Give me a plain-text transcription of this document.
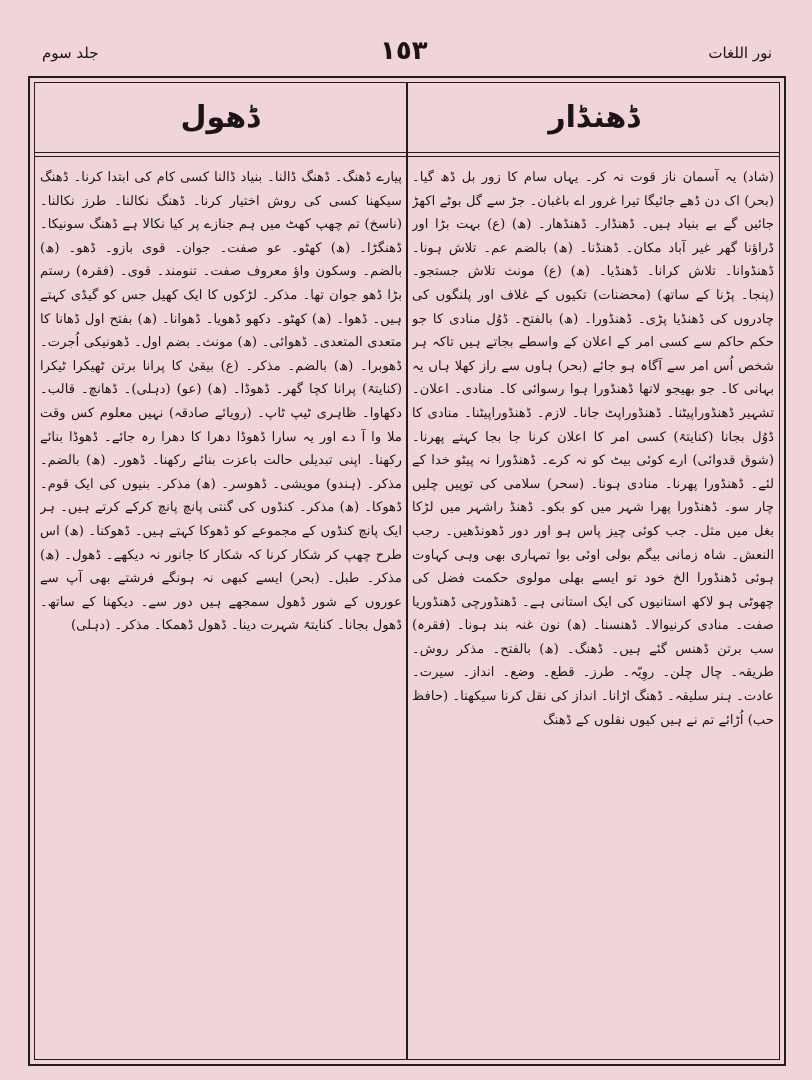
جلد سوم	١٥٣	نور اللغات
ڈھول	ڈھنڈار

پیارے ڈھنگ۔ ڈھنگ ڈالنا۔ بنیاد ڈالنا کسی کام کی ابتدا کرنا۔ ڈھنگ سیکھنا کسی کی روش اختیار کرنا۔ ڈھنگ نکالنا۔ طرز نکالنا۔ (ناسخ) تم چھپ کھٹ میں ہم جنازے پر کیا نکالا ہے ڈھنگ سونیکا۔ ڈھنگڑا۔ (ھ) کھٹو۔ عو صفت۔ جوان۔ قوی بازو۔ ڈھو۔ (ھ) بالضم۔ وسکون واؤ معروف صفت۔ تنومند۔ قوی۔ (فقرہ) رستم بڑا ڈھو جوان تھا۔ مذکر۔ لڑکوں کا ایک کھیل جس کو گیڈی کہتے ہیں۔ ڈھوا۔ (ھ) کھٹو۔ دکھو ڈھویا۔ ڈھوانا۔ (ھ) بفتح اول ڈھانا کا متعدی المتعدی۔ ڈھوائی۔ (ھ) مونث۔ بضم اول۔ ڈھونیکی اُجرت۔ ڈھوبرا۔ (ھ) بالضم۔ مذکر۔ (ع) بیقیٰ کا پرانا برتن ٹھیکرا ٹیکرا (کنایتہً) پرانا کچا گھر۔ ڈھوڈا۔ (ھ) (عو) (دہلی)۔ ڈھانچ۔ قالب۔ دکھاوا۔ ظاہری ٹیپ ٹاپ۔ (رویائے صادقہ) نہیں معلوم کس وقت ملا وا آ دے اور یہ سارا ڈھوڈا دھرا کا دھرا رہ جائے۔ ڈھوڈا بنائے رکھنا۔ اپنی تبدیلی حالت باعزت بنائے رکھنا۔ ڈھور۔ (ھ) بالضم۔ مذکر۔ (ہندو) مویشی۔ ڈھوسر۔ (ھ) مذکر۔ بنیوں کی ایک قوم۔ ڈھوکا۔ (ھ) مذکر۔ کنڈوں کی گنتی پانچ پانچ کرکے کرتے ہیں۔ ہر ایک پانچ کنڈوں کے مجموعے کو ڈھوکا کہتے ہیں۔ ڈھوکنا۔ (ھ) اس طرح چھپ کر شکار کرنا کہ شکار کا جانور نہ دیکھے۔ ڈھول۔ (ھ) مذکر۔ طبل۔ (بحر) ایسے کبھی نہ ہونگے فرشتے بھی آپ سے عوروں کے شور ڈھول سمجھے ہیں دور سے۔ دیکھنا کے ساتھ۔ ڈھول بجانا۔ کنایتہً شہرت دینا۔ ڈھول ڈھمکا۔ مذکر۔ (دہلی)

(شاد) یہ آسمان ناز قوت نہ کر۔ یہاں سام کا زور بل ڈھ گیا۔ (بحر) اک دن ڈھے جائیگا تیرا غرور اے باغبان۔ جڑ سے گل بوٹے اکھڑ جائیں گے بے بنیاد ہیں۔ ڈھنڈار۔ ڈھنڈھار۔ (ھ) (ع) بہت بڑا اور ڈراؤنا گھر غیر آباد مکان۔ ڈھنڈنا۔ (ھ) بالضم عم۔ تلاش ہونا۔ ڈھنڈوانا۔ تلاش کرانا۔ ڈھنڈیا۔ (ھ) (ع) مونث تلاش جستجو۔ (پنجا۔ پڑنا کے ساتھ) (محضنات) تکیوں کے غلاف اور پلنگوں کی چادروں کی ڈھنڈیا پڑی۔ ڈھنڈورا۔ (ھ) بالفتح۔ ڈوُل منادی کا جو حکم حاکم سے کسی امر کے اعلان کے واسطے بجاتے ہیں تاکہ ہر شخص اُس امر سے آگاہ ہو جائے (بحر) ہاوں سے راز کھلا ہاں یہ بہانی کا۔ جو بھیجو لاتھا ڈھنڈورا ہوا رسوائی کا۔ منادی۔ اعلان۔ تشہیر ڈھنڈوراپیٹنا۔ ڈھنڈوراپٹ جانا۔ لازم۔ ڈھنڈوراپیٹنا۔ منادی کا ڈوُل بجانا (کنایتہً) کسی امر کا اعلان کرنا جا بجا کہتے پھرنا۔ (شوق قدوائی) ارے کوئی بیٹ کو نہ کرے۔ ڈھنڈورا نہ پیٹو خدا کے لئے۔ ڈھنڈورا پھرنا۔ منادی ہونا۔ (سحر) سلامی کی توپیں چلیں چار سو۔ ڈھنڈورا پھرا شہر میں کو بکو۔ ڈھنڈ راشہر میں لڑکا بغل میں مثل۔ جب کوئی چیز پاس ہو اور دور ڈھونڈھیں۔ رجب النعش۔ شاہ زمانی بیگم بولی اوئی بوا تمہاری بھی وہی کہاوت ہوئی ڈھنڈورا الخ خود تو ایسے بھلی مولوی حکمت فضل کی چھوٹی ہو لاکھ استانیوں کی ایک استانی ہے۔ ڈھنڈورچی ڈھنڈوریا صفت۔ منادی کرنیوالا۔ ڈھنسنا۔ (ھ) نون غنہ بند ہونا۔ (فقرہ) سب برتن ڈھنس گئے ہیں۔ ڈھنگ۔ (ھ) بالفتح۔ مذکر روش۔ طریقہ۔ چال چلن۔ روِیّہ۔ طرز۔ قطع۔ وضع۔ انداز۔ سیرت۔ عادت۔ ہنر سلیقہ۔ ڈھنگ اڑانا۔ انداز کی نقل کرنا سیکھنا۔ (حافظ حب) اُڑائے تم نے ہیں کیوں نقلوں کے ڈھنگ
